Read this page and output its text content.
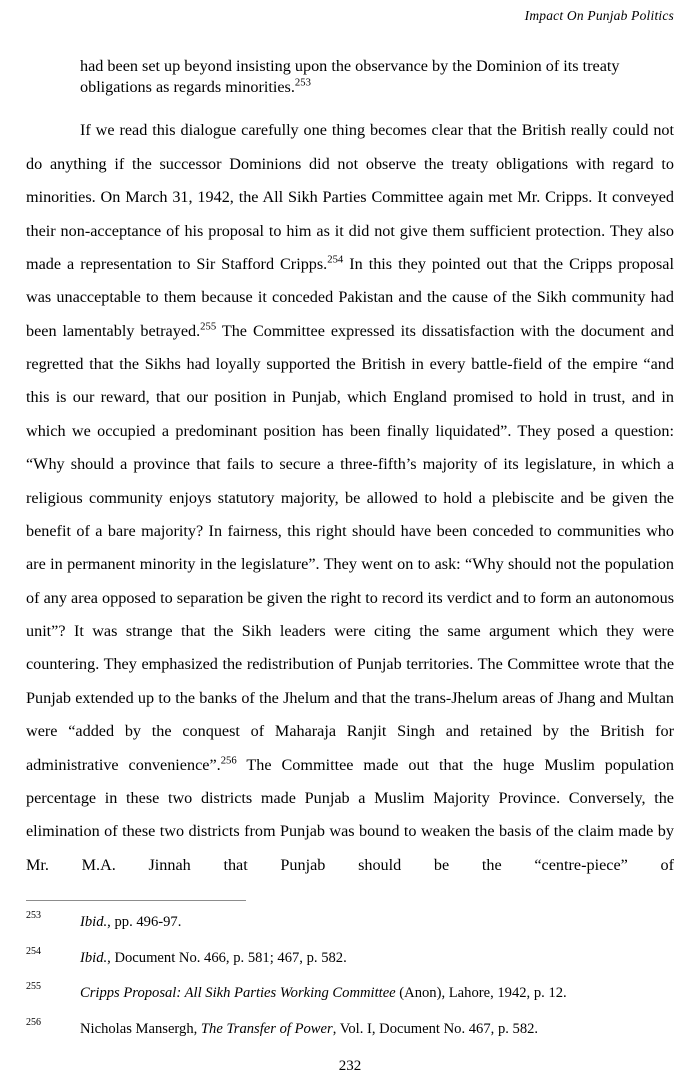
Impact On Punjab Politics

had been set up beyond insisting upon the observance by the Dominion of its treaty obligations as regards minorities.$^{253}$

If we read this dialogue carefully one thing becomes clear that the British really could not do anything if the successor Dominions did not observe the treaty obligations with regard to minorities. On March 31, 1942, the All Sikh Parties Committee again met Mr. Cripps. It conveyed their non-acceptance of his proposal to him as it did not give them sufficient protection. They also made a representation to Sir Stafford Cripps.$^{254}$ In this they pointed out that the Cripps proposal was unacceptable to them because it conceded Pakistan and the cause of the Sikh community had been lamentably betrayed.$^{255}$ The Committee expressed its dissatisfaction with the document and regretted that the Sikhs had loyally supported the British in every battle-field of the empire “and this is our reward, that our position in Punjab, which England promised to hold in trust, and in which we occupied a predominant position has been finally liquidated”. They posed a question: “Why should a province that fails to secure a three-fifth’s majority of its legislature, in which a religious community enjoys statutory majority, be allowed to hold a plebiscite and be given the benefit of a bare majority? In fairness, this right should have been conceded to communities who are in permanent minority in the legislature”. They went on to ask: “Why should not the population of any area opposed to separation be given the right to record its verdict and to form an autonomous unit”? It was strange that the Sikh leaders were citing the same argument which they were countering. They emphasized the redistribution of Punjab territories. The Committee wrote that the Punjab extended up to the banks of the Jhelum and that the trans-Jhelum areas of Jhang and Multan were “added by the conquest of Maharaja Ranjit Singh and retained by the British for administrative convenience”.$^{256}$ The Committee made out that the huge Muslim population percentage in these two districts made Punjab a Muslim Majority Province. Conversely, the elimination of these two districts from Punjab was bound to weaken the basis of the claim made by Mr. M.A. Jinnah that Punjab should be the “centre-piece” of

253	Ibid., pp. 496-97.
254	Ibid., Document No. 466, p. 581; 467, p. 582.
255	Cripps Proposal: All Sikh Parties Working Committee (Anon), Lahore, 1942, p. 12.
256	Nicholas Mansergh, The Transfer of Power, Vol. I, Document No. 467, p. 582.
232
